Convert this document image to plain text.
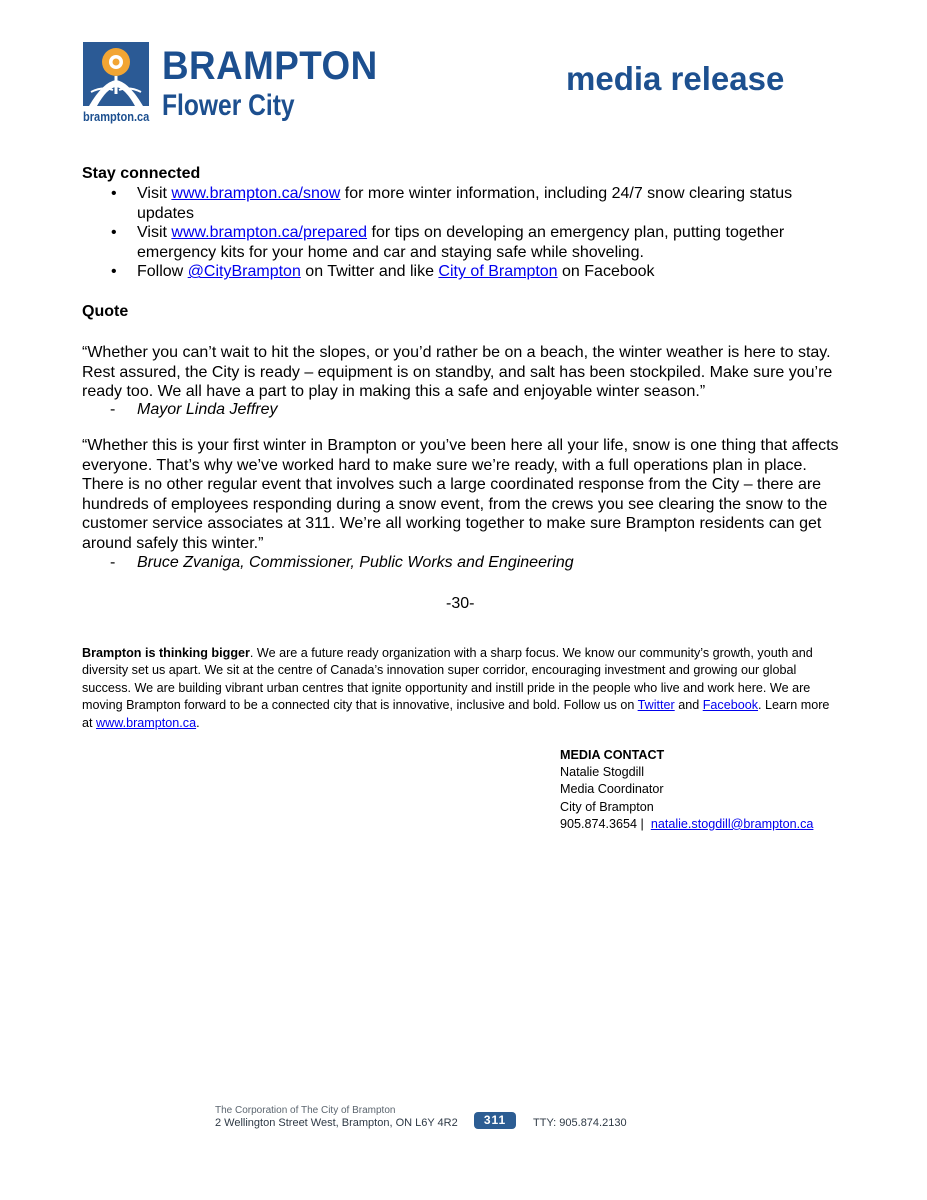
BRAMPTON
Flower City
brampton.ca
media release
Stay connected
• Visit www.brampton.ca/snow for more winter information, including 24/7 snow clearing status updates
• Visit www.brampton.ca/prepared for tips on developing an emergency plan, putting together emergency kits for your home and car and staying safe while shoveling.
• Follow @CityBrampton on Twitter and like City of Brampton on Facebook
Quote
“Whether you can’t wait to hit the slopes, or you’d rather be on a beach, the winter weather is here to stay. Rest assured, the City is ready – equipment is on standby, and salt has been stockpiled. Make sure you’re ready too. We all have a part to play in making this a safe and enjoyable winter season.”
- Mayor Linda Jeffrey
“Whether this is your first winter in Brampton or you’ve been here all your life, snow is one thing that affects everyone. That’s why we’ve worked hard to make sure we’re ready, with a full operations plan in place. There is no other regular event that involves such a large coordinated response from the City – there are hundreds of employees responding during a snow event, from the crews you see clearing the snow to the customer service associates at 311. We’re all working together to make sure Brampton residents can get around safely this winter.”
- Bruce Zvaniga, Commissioner, Public Works and Engineering
-30-
Brampton is thinking bigger. We are a future ready organization with a sharp focus. We know our community’s growth, youth and diversity set us apart. We sit at the centre of Canada’s innovation super corridor, encouraging investment and growing our global success. We are building vibrant urban centres that ignite opportunity and instill pride in the people who live and work here. We are moving Brampton forward to be a connected city that is innovative, inclusive and bold. Follow us on Twitter and Facebook. Learn more at www.brampton.ca.
MEDIA CONTACT
Natalie Stogdill
Media Coordinator
City of Brampton
905.874.3654 | natalie.stogdill@brampton.ca
The Corporation of The City of Brampton
2 Wellington Street West, Brampton, ON L6Y 4R2	311	TTY: 905.874.2130
